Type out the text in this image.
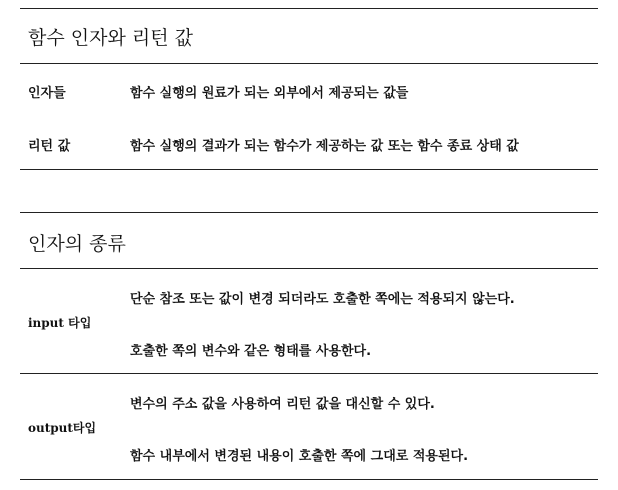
함수 인자와 리턴 값
인자들	함수 실행의 원료가 되는 외부에서 제공되는 값들
리턴 값	함수 실행의 결과가 되는 함수가 제공하는 값 또는 함수 종료 상태 값
인자의 종류
input 타입
단순 참조 또는 값이 변경 되더라도 호출한 쪽에는 적용되지 않는다.
호출한 쪽의 변수와 같은 형태를 사용한다.
output타입
변수의 주소 값을 사용하여 리턴 값을 대신할 수 있다.
함수 내부에서 변경된 내용이 호출한 쪽에 그대로 적용된다.
